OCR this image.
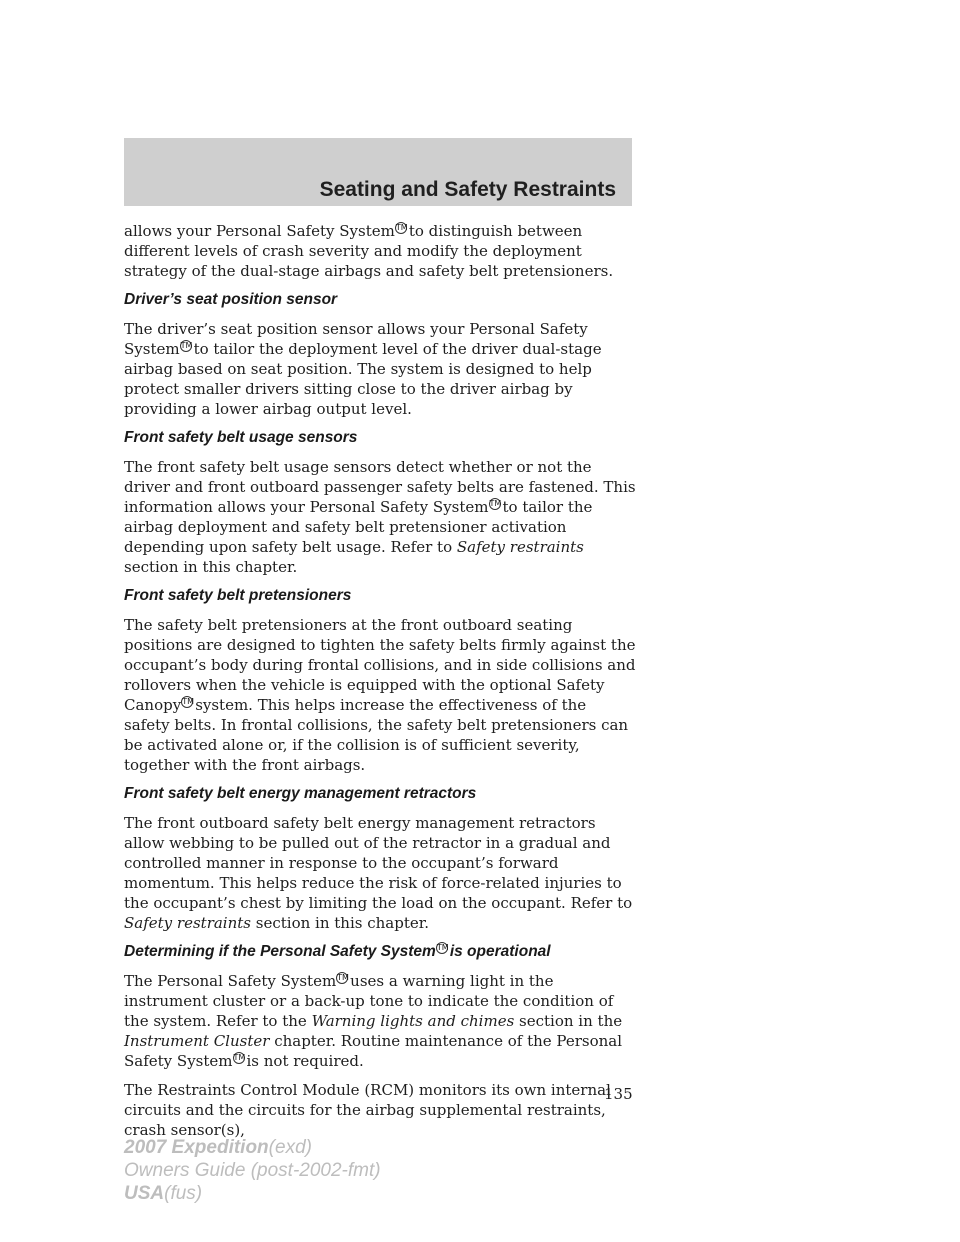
Seating and Safety Restraints

allows your Personal Safety SystemTMto distinguish between different levels of crash severity and modify the deployment strategy of the dual-stage airbags and safety belt pretensioners.

Driver’s seat position sensor

The driver’s seat position sensor allows your Personal Safety SystemTMto tailor the deployment level of the driver dual-stage airbag based on seat position. The system is designed to help protect smaller drivers sitting close to the driver airbag by providing a lower airbag output level.

Front safety belt usage sensors

The front safety belt usage sensors detect whether or not the driver and front outboard passenger safety belts are fastened. This information allows your Personal Safety SystemTMto tailor the airbag deployment and safety belt pretensioner activation depending upon safety belt usage. Refer to Safety restraints section in this chapter.

Front safety belt pretensioners

The safety belt pretensioners at the front outboard seating positions are designed to tighten the safety belts firmly against the occupant’s body during frontal collisions, and in side collisions and rollovers when the vehicle is equipped with the optional Safety CanopyTMsystem. This helps increase the effectiveness of the safety belts. In frontal collisions, the safety belt pretensioners can be activated alone or, if the collision is of sufficient severity, together with the front airbags.

Front safety belt energy management retractors

The front outboard safety belt energy management retractors allow webbing to be pulled out of the retractor in a gradual and controlled manner in response to the occupant’s forward momentum. This helps reduce the risk of force-related injuries to the occupant’s chest by limiting the load on the occupant. Refer to Safety restraints section in this chapter.

Determining if the Personal Safety SystemTMis operational

The Personal Safety SystemTMuses a warning light in the instrument cluster or a back-up tone to indicate the condition of the system. Refer to the Warning lights and chimes section in the Instrument Cluster chapter. Routine maintenance of the Personal Safety SystemTMis not required.

The Restraints Control Module (RCM) monitors its own internal circuits and the circuits for the airbag supplemental restraints, crash sensor(s),

135
2007 Expedition(exd)
Owners Guide (post-2002-fmt)
USA(fus)
